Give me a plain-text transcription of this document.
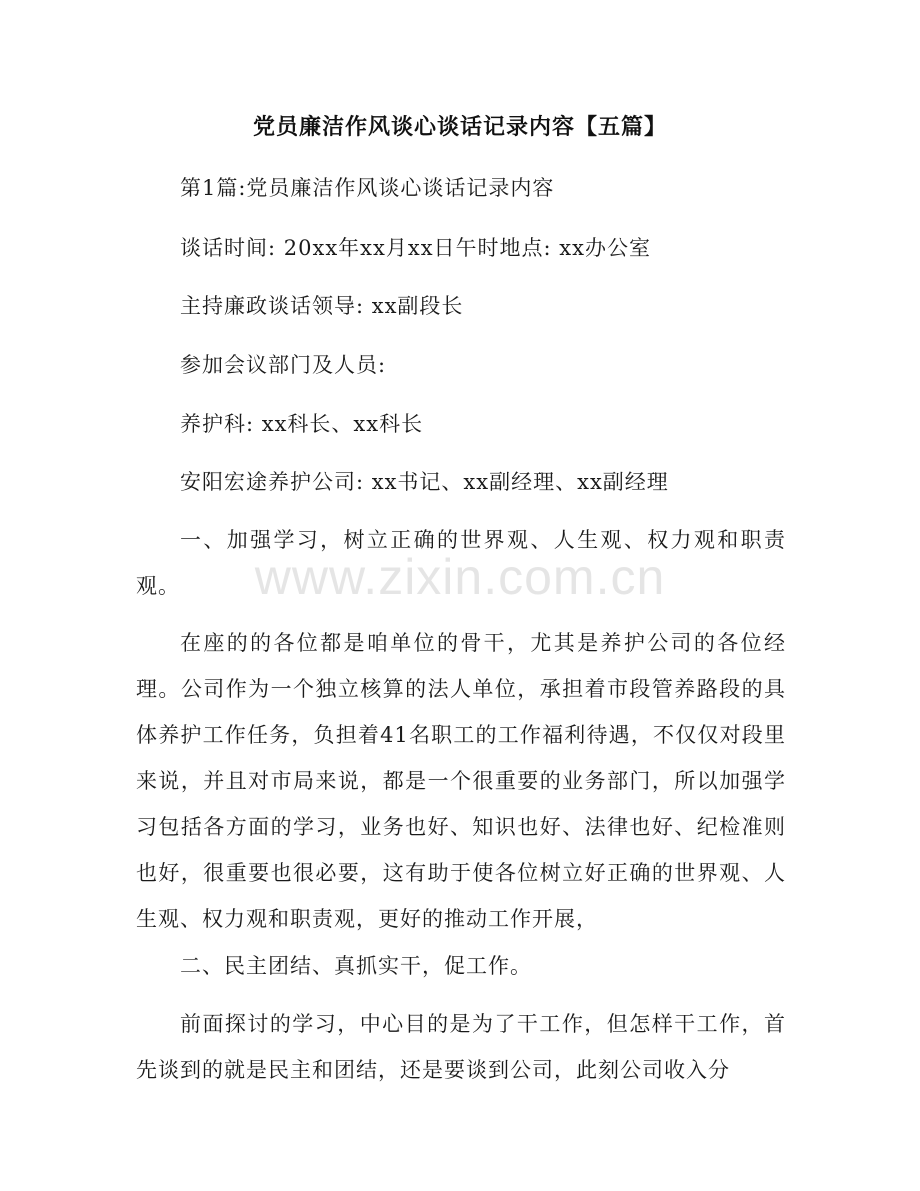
党员廉洁作风谈心谈话记录内容【五篇】
第1篇:党员廉洁作风谈心谈话记录内容
谈话时间: 20xx年xx月xx日午时地点: xx办公室
主持廉政谈话领导: xx副段长
参加会议部门及人员:
养护科: xx科长、xx科长
安阳宏途养护公司: xx书记、xx副经理、xx副经理
一、加强学习，树立正确的世界观、人生观、权力观和职责观。
在座的的各位都是咱单位的骨干，尤其是养护公司的各位经理。公司作为一个独立核算的法人单位，承担着市段管养路段的具体养护工作任务，负担着41名职工的工作福利待遇，不仅仅对段里来说，并且对市局来说，都是一个很重要的业务部门，所以加强学习包括各方面的学习，业务也好、知识也好、法律也好、纪检准则也好，很重要也很必要，这有助于使各位树立好正确的世界观、人生观、权力观和职责观，更好的推动工作开展，
二、民主团结、真抓实干，促工作。
前面探讨的学习，中心目的是为了干工作，但怎样干工作，首先谈到的就是民主和团结，还是要谈到公司，此刻公司收入分
www.zixin.com.cn
